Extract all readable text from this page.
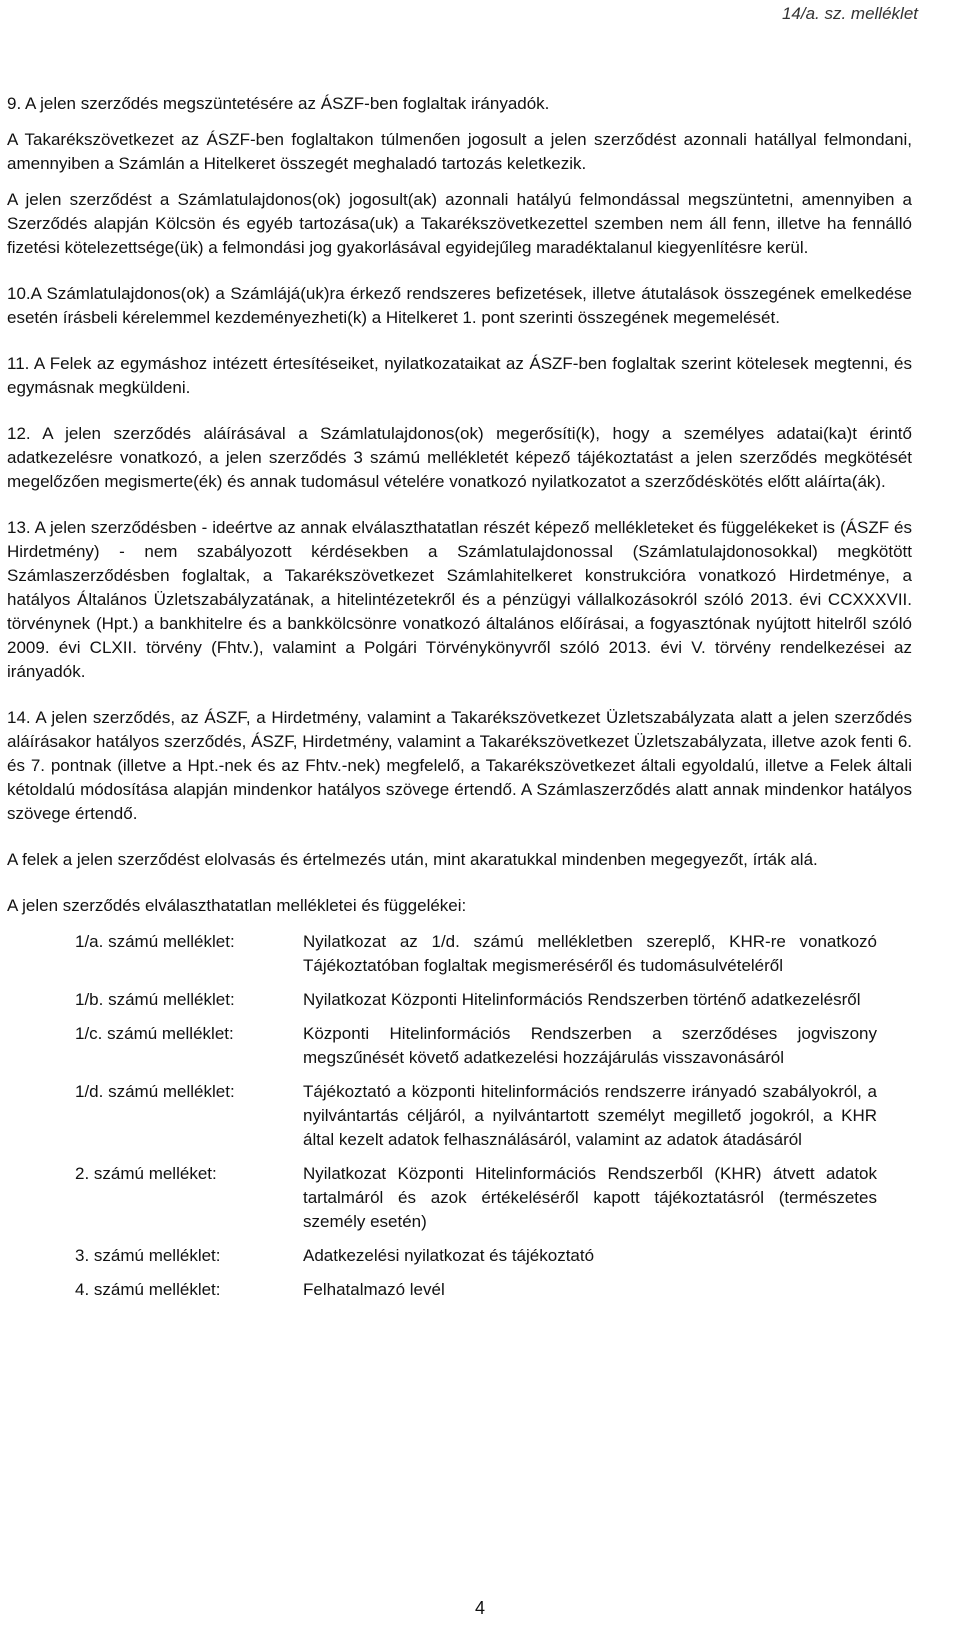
14/a. sz. melléklet

9. A jelen szerződés megszüntetésére az ÁSZF-ben foglaltak irányadók.

A Takarékszövetkezet az ÁSZF-ben foglaltakon túlmenően jogosult a jelen szerződést azonnali hatállyal felmondani, amennyiben a Számlán a Hitelkeret összegét meghaladó tartozás keletkezik.

A jelen szerződést a Számlatulajdonos(ok) jogosult(ak) azonnali hatályú felmondással megszüntetni, amennyiben a Szerződés alapján Kölcsön és egyéb tartozása(uk) a Takarékszövetkezettel szemben nem áll fenn, illetve ha fennálló fizetési kötelezettsége(ük) a felmondási jog gyakorlásával egyidejűleg maradéktalanul kiegyenlítésre kerül.

10.A Számlatulajdonos(ok) a Számlájá(uk)ra érkező rendszeres befizetések, illetve átutalások összegének emelkedése esetén írásbeli kérelemmel kezdeményezheti(k) a Hitelkeret 1. pont szerinti összegének megemelését.

11. A Felek az egymáshoz intézett értesítéseiket, nyilatkozataikat az ÁSZF-ben foglaltak szerint kötelesek megtenni, és egymásnak megküldeni.

12. A jelen szerződés aláírásával a Számlatulajdonos(ok) megerősíti(k), hogy a személyes adatai(ka)t érintő adatkezelésre vonatkozó, a jelen szerződés 3 számú mellékletét képező tájékoztatást a jelen szerződés megkötését megelőzően megismerte(ék) és annak tudomásul vételére vonatkozó nyilatkozatot a szerződéskötés előtt aláírta(ák).

13. A jelen szerződésben - ideértve az annak elválaszthatatlan részét képező mellékleteket és függelékeket is (ÁSZF és Hirdetmény) - nem szabályozott kérdésekben a Számlatulajdonossal (Számlatulajdonosokkal) megkötött Számlaszerződésben foglaltak, a Takarékszövetkezet Számlahitelkeret konstrukcióra vonatkozó Hirdetménye, a hatályos Általános Üzletszabályzatának, a hitelintézetekről és a pénzügyi vállalkozásokról szóló 2013. évi CCXXXVII. törvénynek (Hpt.) a bankhitelre és a bankkölcsönre vonatkozó általános előírásai, a fogyasztónak nyújtott hitelről szóló 2009. évi CLXII. törvény (Fhtv.), valamint a Polgári Törvénykönyvről szóló 2013. évi V. törvény rendelkezései az irányadók.

14. A jelen szerződés, az ÁSZF, a Hirdetmény, valamint a Takarékszövetkezet Üzletszabályzata alatt a jelen szerződés aláírásakor hatályos szerződés, ÁSZF, Hirdetmény, valamint a Takarékszövetkezet Üzletszabályzata, illetve azok fenti 6. és 7. pontnak (illetve a Hpt.-nek és az Fhtv.-nek) megfelelő, a Takarékszövetkezet általi egyoldalú, illetve a Felek általi kétoldalú módosítása alapján mindenkor hatályos szövege értendő. A Számlaszerződés alatt annak mindenkor hatályos szövege értendő.

A felek a jelen szerződést elolvasás és értelmezés után, mint akaratukkal mindenben megegyezőt, írták alá.

A jelen szerződés elválaszthatatlan mellékletei és függelékei:

1/a. számú melléklet:	Nyilatkozat az 1/d. számú mellékletben szereplő, KHR-re vonatkozó Tájékoztatóban foglaltak megismeréséről és tudomásulvételéről
1/b. számú melléklet:	Nyilatkozat Központi Hitelinformációs Rendszerben történő adatkezelésről
1/c. számú melléklet:	Központi Hitelinformációs Rendszerben a szerződéses jogviszony megszűnését követő adatkezelési hozzájárulás visszavonásáról
1/d. számú melléklet:	Tájékoztató a központi hitelinformációs rendszerre irányadó szabályokról, a nyilvántartás céljáról, a nyilvántartott személyt megillető jogokról, a KHR által kezelt adatok felhasználásáról, valamint az adatok átadásáról
2. számú melléket:	Nyilatkozat Központi Hitelinformációs Rendszerből (KHR) átvett adatok tartalmáról és azok értékeléséről kapott tájékoztatásról (természetes személy esetén)
3. számú melléklet:	Adatkezelési nyilatkozat és tájékoztató
4. számú melléklet:	Felhatalmazó levél
4
